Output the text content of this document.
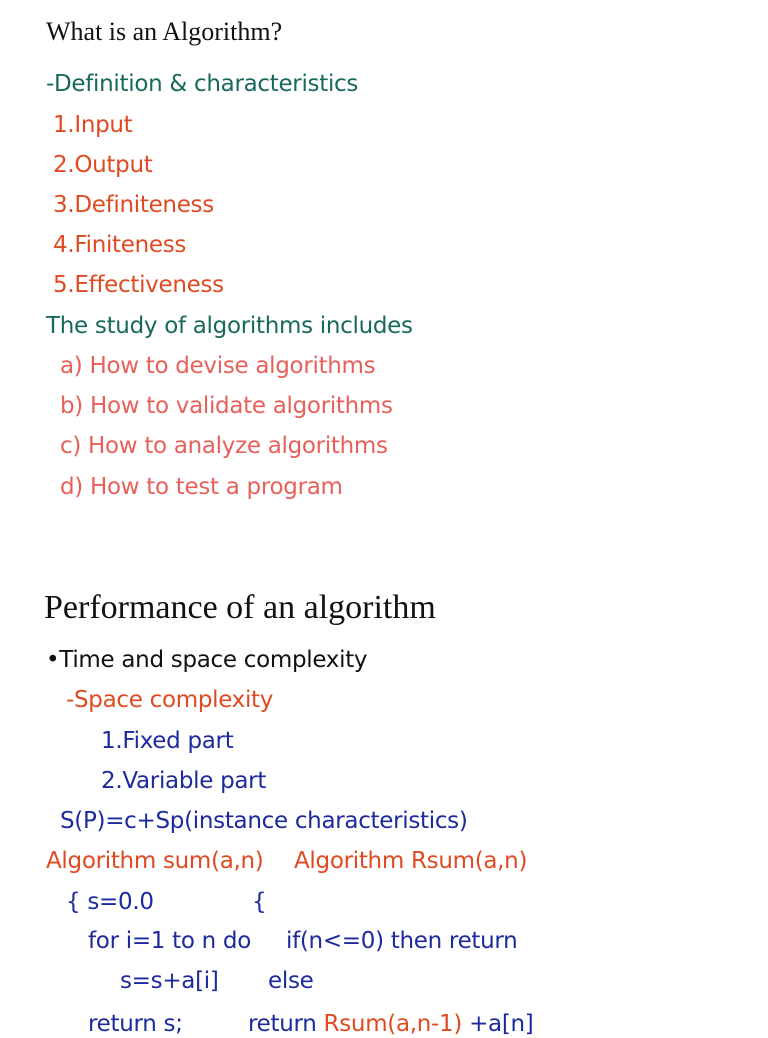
What is an Algorithm?
-Definition & characteristics
1.Input
2.Output
3.Definiteness
4.Finiteness
5.Effectiveness
The study of algorithms includes
a) How to devise algorithms
b) How to validate algorithms
c) How to analyze algorithms
d) How to test a program
Performance of an algorithm
•Time and space complexity
-Space complexity
1.Fixed part
2.Variable part
S(P)=c+Sp(instance characteristics)
Algorithm sum(a,n) Algorithm Rsum(a,n)
{ s=0.0	{
for i=1 to n do if(n<=0) then return
s=s+a[i] else
return s;	return Rsum(a,n-1) +a[n]
